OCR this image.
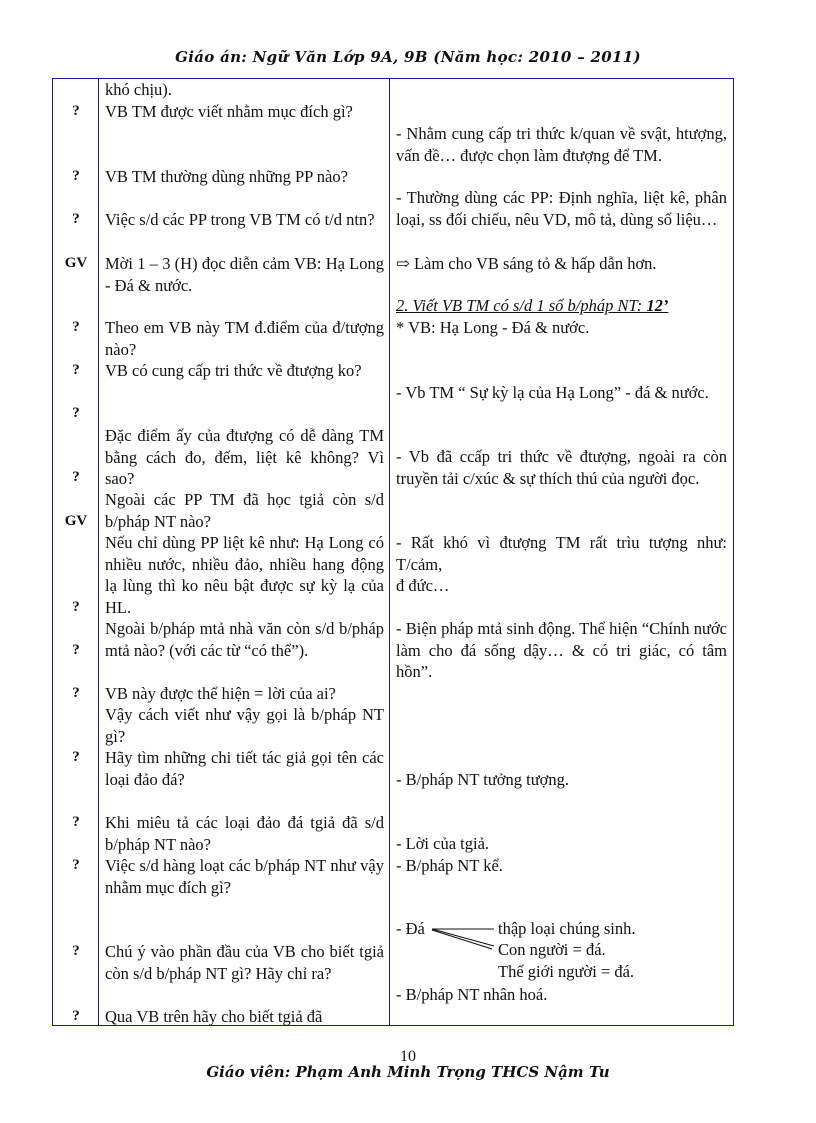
Giáo án: Ngữ Văn Lớp 9A, 9B (Năm học: 2010 – 2011)
?
?
?
GV
?
?
?
?
GV
?
?
?
?
?
?
?
?
khó chịu).
VB TM được viết nhằm mục đích gì?
VB TM thường dùng những PP nào?
Việc s/d các PP trong VB TM có t/d ntn?
Mời 1 – 3 (H) đọc diễn cảm VB: Hạ Long - Đá & nước.
Theo em VB này TM đ.điểm của đ/tượng nào?
VB có cung cấp tri thức về đtượng ko?
Đặc điểm ấy của đtượng có dễ dàng TM bằng cách đo, đếm, liệt kê không? Vì sao?
Ngoài các PP TM đã học tgiả còn s/d b/pháp NT nào?
Nếu chỉ dùng PP liệt kê như: Hạ Long có nhiều nước, nhiều đảo, nhiều hang động lạ lùng thì ko nêu bật được sự kỳ lạ của HL.
Ngoài b/pháp mtả nhà văn còn s/d b/pháp mtả nào? (với các từ “có thể”).
VB này được thể hiện = lời của ai?
Vậy cách viết như vậy gọi là b/pháp NT gì?
Hãy tìm những chi tiết tác giả gọi tên các loại đảo đá?
Khi miêu tả các loại đảo đá tgiả đã s/d b/pháp NT nào?
Việc s/d hàng loạt các b/pháp NT như vậy nhằm mục đích gì?
Chú ý vào phần đầu của VB cho biết tgiả còn s/d b/pháp NT gì? Hãy chỉ ra?
Qua VB trên hãy cho biết tgiả đã
- Nhằm cung cấp tri thức k/quan về svật, htượng, vấn đề… được chọn làm đtượng để TM.
- Thường dùng các PP: Định nghĩa, liệt kê, phân loại, ss đối chiếu, nêu VD, mô tả, dùng số liệu…
⇨ Làm cho VB sáng tỏ & hấp dẫn hơn.
2. Viết VB TM có s/d 1 số b/pháp NT: 12’
* VB: Hạ Long - Đá & nước.
- Vb TM “ Sự kỳ lạ của Hạ Long” - đá & nước.
- Vb đã ccấp tri thức về đtượng, ngoài ra còn truyền tải c/xúc & sự thích thú của người đọc.
- Rất khó vì đtượng TM rất trìu tượng như: T/cảm,
đ đức…
- Biện pháp mtả sinh động. Thể hiện “Chính nước làm cho đá sống dậy… & có tri giác, có tâm hồn”.
- B/pháp NT tưởng tượng.
- Lời của tgiả.
- B/pháp NT kể.
- Đá	thập loại chúng sinh.
Con người = đá.
Thế giới người = đá.
- B/pháp NT nhân hoá.
10
Giáo viên: Phạm Anh Minh Trọng THCS Nậm Tu
